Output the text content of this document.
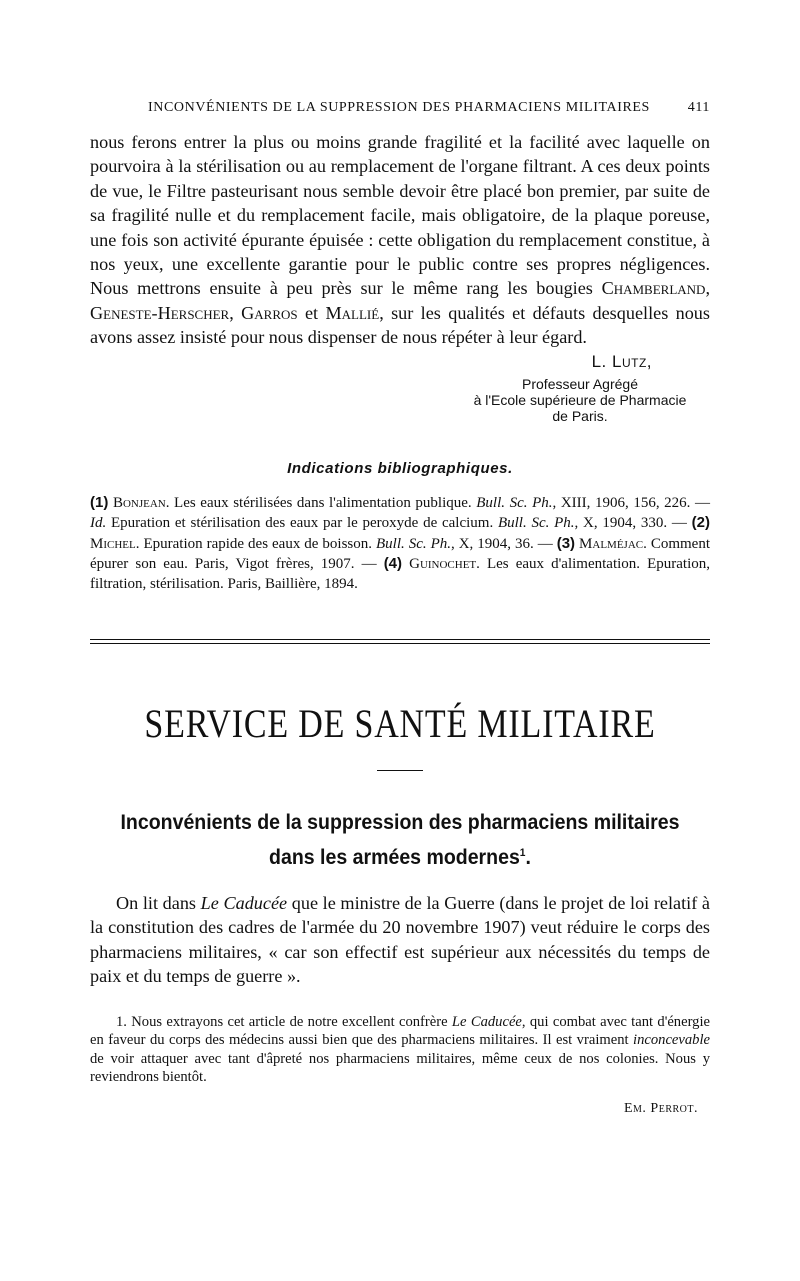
INCONVÉNIENTS DE LA SUPPRESSION DES PHARMACIENS MILITAIRES	411

nous ferons entrer la plus ou moins grande fragilité et la facilité avec laquelle on pourvoira à la stérilisation ou au remplacement de l'organe filtrant. A ces deux points de vue, le Filtre pasteurisant nous semble devoir être placé bon premier, par suite de sa fragilité nulle et du remplacement facile, mais obligatoire, de la plaque poreuse, une fois son activité épurante épuisée : cette obligation du remplacement constitue, à nos yeux, une excellente garantie pour le public contre ses propres négligences. Nous mettrons ensuite à peu près sur le même rang les bougies Chamberland, Geneste-Herscher, Garros et Mallié, sur les qualités et défauts desquelles nous avons assez insisté pour nous dispenser de nous répéter à leur égard.

L. Lutz,
Professeur Agrégé
à l'Ecole supérieure de Pharmacie
de Paris.
Indications bibliographiques.

(1) Bonjean. Les eaux stérilisées dans l'alimentation publique. Bull. Sc. Ph., XIII, 1906, 156, 226. — Id. Epuration et stérilisation des eaux par le peroxyde de calcium. Bull. Sc. Ph., X, 1904, 330. — (2) Michel. Epuration rapide des eaux de boisson. Bull. Sc. Ph., X, 1904, 36. — (3) Malméjac. Comment épurer son eau. Paris, Vigot frères, 1907. — (4) Guinochet. Les eaux d'alimentation. Epuration, filtration, stérilisation. Paris, Baillière, 1894.

SERVICE DE SANTÉ MILITAIRE
Inconvénients de la suppression des pharmaciens militaires
dans les armées modernes$^1$.

On lit dans Le Caducée que le ministre de la Guerre (dans le projet de loi relatif à la constitution des cadres de l'armée du 20 novembre 1907) veut réduire le corps des pharmaciens militaires, « car son effectif est supérieur aux nécessités du temps de paix et du temps de guerre ».

1. Nous extrayons cet article de notre excellent confrère Le Caducée, qui combat avec tant d'énergie en faveur du corps des médecins aussi bien que des pharmaciens militaires. Il est vraiment inconcevable de voir attaquer avec tant d'âpreté nos pharmaciens militaires, même ceux de nos colonies. Nous y reviendrons bientôt.

Em. Perrot.
